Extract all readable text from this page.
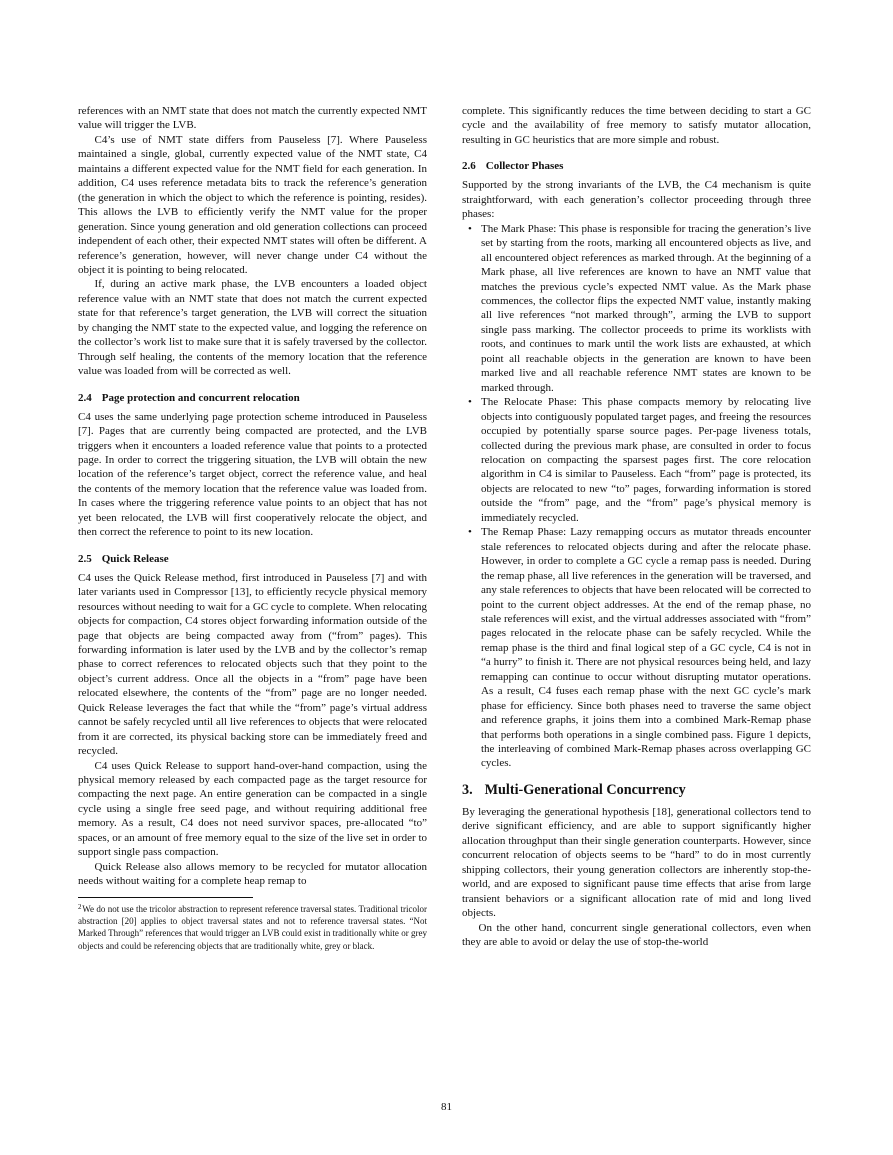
references with an NMT state that does not match the currently expected NMT value will trigger the LVB.

C4’s use of NMT state differs from Pauseless [7]. Where Pauseless maintained a single, global, currently expected value of the NMT state, C4 maintains a different expected value for the NMT field for each generation. In addition, C4 uses reference metadata bits to track the reference’s generation (the generation in which the object to which the reference is pointing, resides). This allows the LVB to efficiently verify the NMT value for the proper generation. Since young generation and old generation collections can proceed independent of each other, their expected NMT states will often be different. A reference’s generation, however, will never change under C4 without the object it is pointing to being relocated.

If, during an active mark phase, the LVB encounters a loaded object reference value with an NMT state that does not match the current expected state for that reference’s target generation, the LVB will correct the situation by changing the NMT state to the expected value, and logging the reference on the collector’s work list to make sure that it is safely traversed by the collector. Through self healing, the contents of the memory location that the reference value was loaded from will be corrected as well.

2.4 Page protection and concurrent relocation

C4 uses the same underlying page protection scheme introduced in Pauseless [7]. Pages that are currently being compacted are protected, and the LVB triggers when it encounters a loaded reference value that points to a protected page. In order to correct the triggering situation, the LVB will obtain the new location of the reference’s target object, correct the reference value, and heal the contents of the memory location that the reference value was loaded from. In cases where the triggering reference value points to an object that has not yet been relocated, the LVB will first cooperatively relocate the object, and then correct the reference to point to its new location.

2.5 Quick Release

C4 uses the Quick Release method, first introduced in Pauseless [7] and with later variants used in Compressor [13], to efficiently recycle physical memory resources without needing to wait for a GC cycle to complete. When relocating objects for compaction, C4 stores object forwarding information outside of the page that objects are being compacted away from (“from” pages). This forwarding information is later used by the LVB and by the collector’s remap phase to correct references to relocated objects such that they point to the object’s current address. Once all the objects in a “from” page have been relocated elsewhere, the contents of the “from” page are no longer needed. Quick Release leverages the fact that while the “from” page’s virtual address cannot be safely recycled until all live references to objects that were relocated from it are corrected, its physical backing store can be immediately freed and recycled.

C4 uses Quick Release to support hand-over-hand compaction, using the physical memory released by each compacted page as the target resource for compacting the next page. An entire generation can be compacted in a single cycle using a single free seed page, and without requiring additional free memory. As a result, C4 does not need survivor spaces, pre-allocated “to” spaces, or an amount of free memory equal to the size of the live set in order to support single pass compaction.

Quick Release also allows memory to be recycled for mutator allocation needs without waiting for a complete heap remap to

$^2$ We do not use the tricolor abstraction to represent reference traversal states. Traditional tricolor abstraction [20] applies to object traversal states and not to reference traversal states. “Not Marked Through” references that would trigger an LVB could exist in traditionally white or grey objects and could be referencing objects that are traditionally white, grey or black.

complete. This significantly reduces the time between deciding to start a GC cycle and the availability of free memory to satisfy mutator allocation, resulting in GC heuristics that are more simple and robust.

2.6 Collector Phases

Supported by the strong invariants of the LVB, the C4 mechanism is quite straightforward, with each generation’s collector proceeding through three phases:

• The Mark Phase: This phase is responsible for tracing the generation’s live set by starting from the roots, marking all encountered objects as live, and all encountered object references as marked through. At the beginning of a Mark phase, all live references are known to have an NMT value that matches the previous cycle’s expected NMT value. As the Mark phase commences, the collector flips the expected NMT value, instantly making all live references “not marked through”, arming the LVB to support single pass marking. The collector proceeds to prime its worklists with roots, and continues to mark until the work lists are exhausted, at which point all reachable objects in the generation are known to have been marked live and all reachable reference NMT states are known to be marked through.
• The Relocate Phase: This phase compacts memory by relocating live objects into contiguously populated target pages, and freeing the resources occupied by potentially sparse source pages. Per-page liveness totals, collected during the previous mark phase, are consulted in order to focus relocation on compacting the sparsest pages first. The core relocation algorithm in C4 is similar to Pauseless. Each “from” page is protected, its objects are relocated to new “to” pages, forwarding information is stored outside the “from” page, and the “from” page’s physical memory is immediately recycled.
• The Remap Phase: Lazy remapping occurs as mutator threads encounter stale references to relocated objects during and after the relocate phase. However, in order to complete a GC cycle a remap pass is needed. During the remap phase, all live references in the generation will be traversed, and any stale references to objects that have been relocated will be corrected to point to the current object addresses. At the end of the remap phase, no stale references will exist, and the virtual addresses associated with “from” pages relocated in the relocate phase can be safely recycled. While the remap phase is the third and final logical step of a GC cycle, C4 is not in “a hurry” to finish it. There are not physical resources being held, and lazy remapping can continue to occur without disrupting mutator operations. As a result, C4 fuses each remap phase with the next GC cycle’s mark phase for efficiency. Since both phases need to traverse the same object and reference graphs, it joins them into a combined Mark-Remap phase that performs both operations in a single combined pass. Figure 1 depicts, the interleaving of combined Mark-Remap phases across overlapping GC cycles.
3. Multi-Generational Concurrency

By leveraging the generational hypothesis [18], generational collectors tend to derive significant efficiency, and are able to support significantly higher allocation throughput than their single generation counterparts. However, since concurrent relocation of objects seems to be “hard” to do in most currently shipping collectors, their young generation collectors are inherently stop-the-world, and are exposed to significant pause time effects that arise from large transient behaviors or a significant allocation rate of mid and long lived objects.

On the other hand, concurrent single generational collectors, even when they are able to avoid or delay the use of stop-the-world

81
